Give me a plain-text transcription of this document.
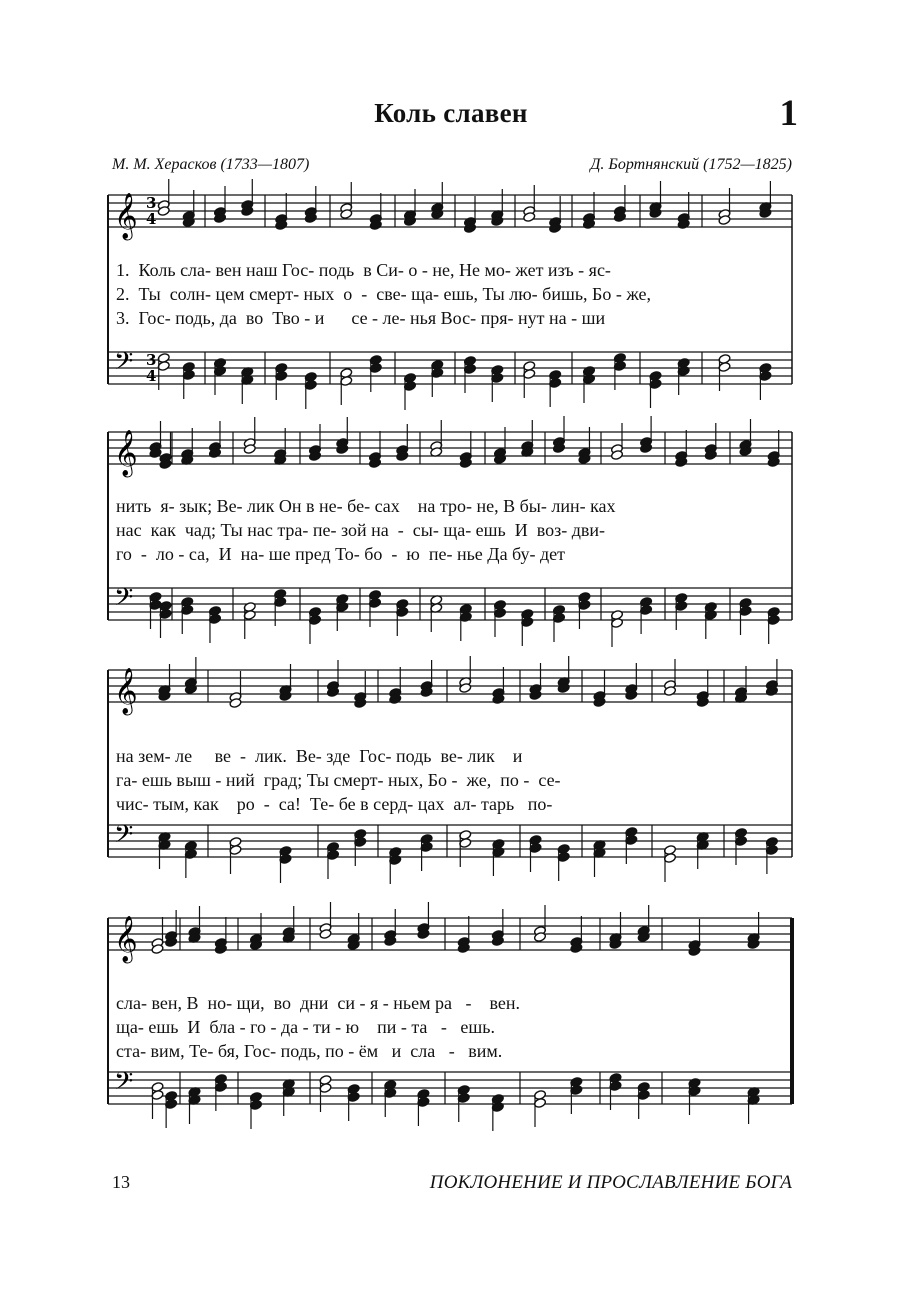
Коль славен	1
М. М. Херасков (1733—1807)	Д. Бортнянский (1752—1825)
𝄞
𝄢
𝄞
𝄢
𝄞
𝄢
𝄞
𝄢
3
4
3
4
1.  Коль сла- вен наш Гос- подь  в Си- о - не, Не мо- жет изъ - яс-
2.  Ты  солн- цем смерт- ных  о  -  све- ща- ешь, Ты лю- бишь, Бо - же,
3.  Гос- подь, да  во  Тво - и      се - ле- нья Вос- пря- нут на - ши
нить  я- зык; Ве- лик Он в не- бе- сах    на тро- не, В бы- лин- ках
нас  как  чад; Ты нас тра- пе- зой на  -  сы- ща- ешь  И  воз- дви-
го  -  ло - са,  И  на- ше пред То- бо  -  ю  пе- нье Да бу- дет
на зем- ле     ве  -  лик.  Ве- зде  Гос- подь  ве- лик    и
га- ешь выш - ний  град; Ты смерт- ных, Бо -  же,  по -  се-
чис- тым, как    ро  -  са!  Те- бе в серд- цах  ал- тарь   по-
сла- вен, В  но- щи,  во  дни  си - я - ньем ра   -    вен.
ща- ешь  И  бла - го - да - ти - ю    пи - та   -   ешь.
ста- вим, Те- бя, Гос- подь, по - ём   и  сла   -   вим.
13	ПОКЛОНЕНИЕ И ПРОСЛАВЛЕНИЕ БОГА
